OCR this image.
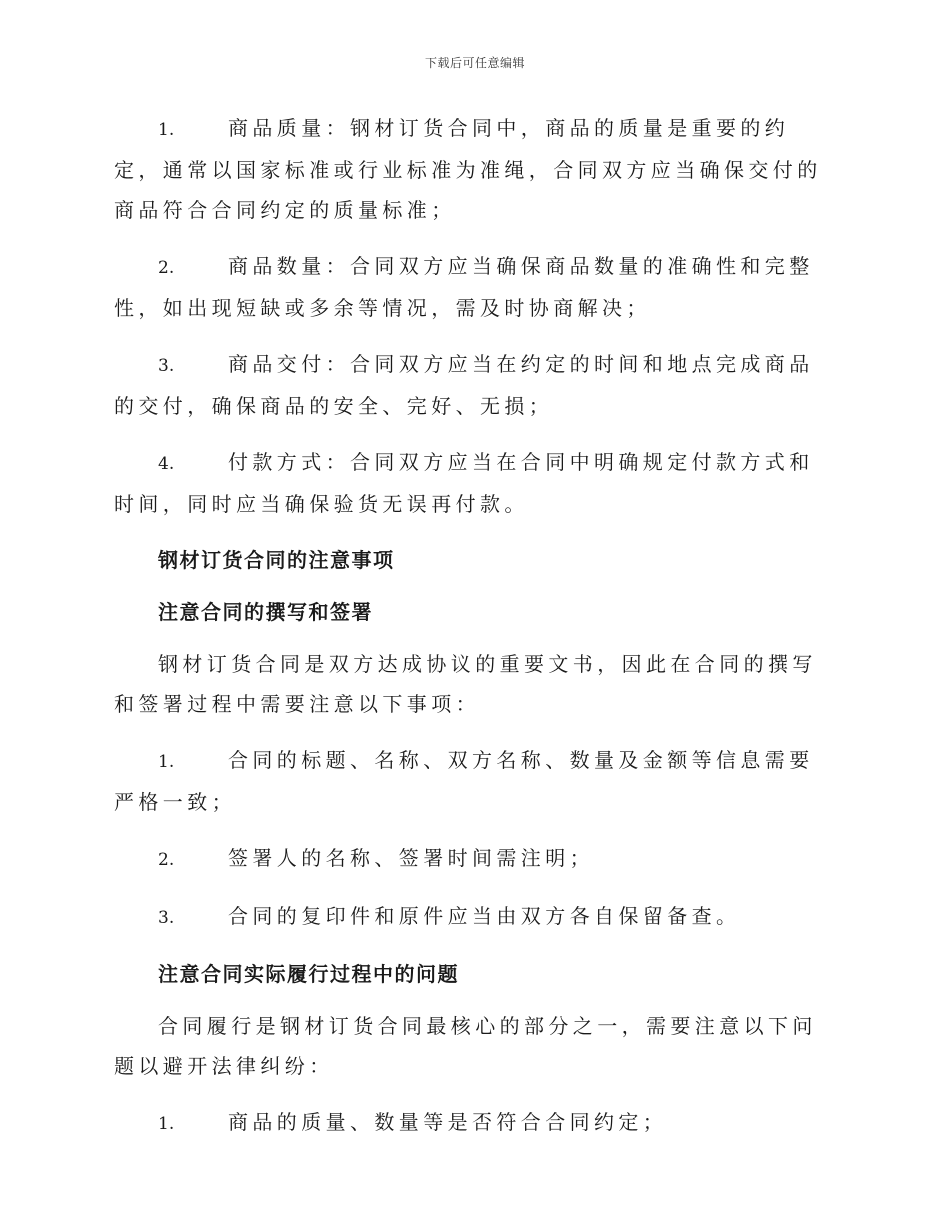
下载后可任意编辑

1.	商品质量：钢材订货合同中，商品的质量是重要的约定，通常以国家标准或行业标准为准绳，合同双方应当确保交付的商品符合合同约定的质量标准；

2.	商品数量：合同双方应当确保商品数量的准确性和完整性，如出现短缺或多余等情况，需及时协商解决；

3.	商品交付：合同双方应当在约定的时间和地点完成商品的交付，确保商品的安全、完好、无损；

4.	付款方式：合同双方应当在合同中明确规定付款方式和时间，同时应当确保验货无误再付款。

钢材订货合同的注意事项

注意合同的撰写和签署

钢材订货合同是双方达成协议的重要文书，因此在合同的撰写和签署过程中需要注意以下事项：

1.	合同的标题、名称、双方名称、数量及金额等信息需要严格一致；

2.	签署人的名称、签署时间需注明；

3.	合同的复印件和原件应当由双方各自保留备查。

注意合同实际履行过程中的问题

合同履行是钢材订货合同最核心的部分之一，需要注意以下问题以避开法律纠纷：

1.	商品的质量、数量等是否符合合同约定；
